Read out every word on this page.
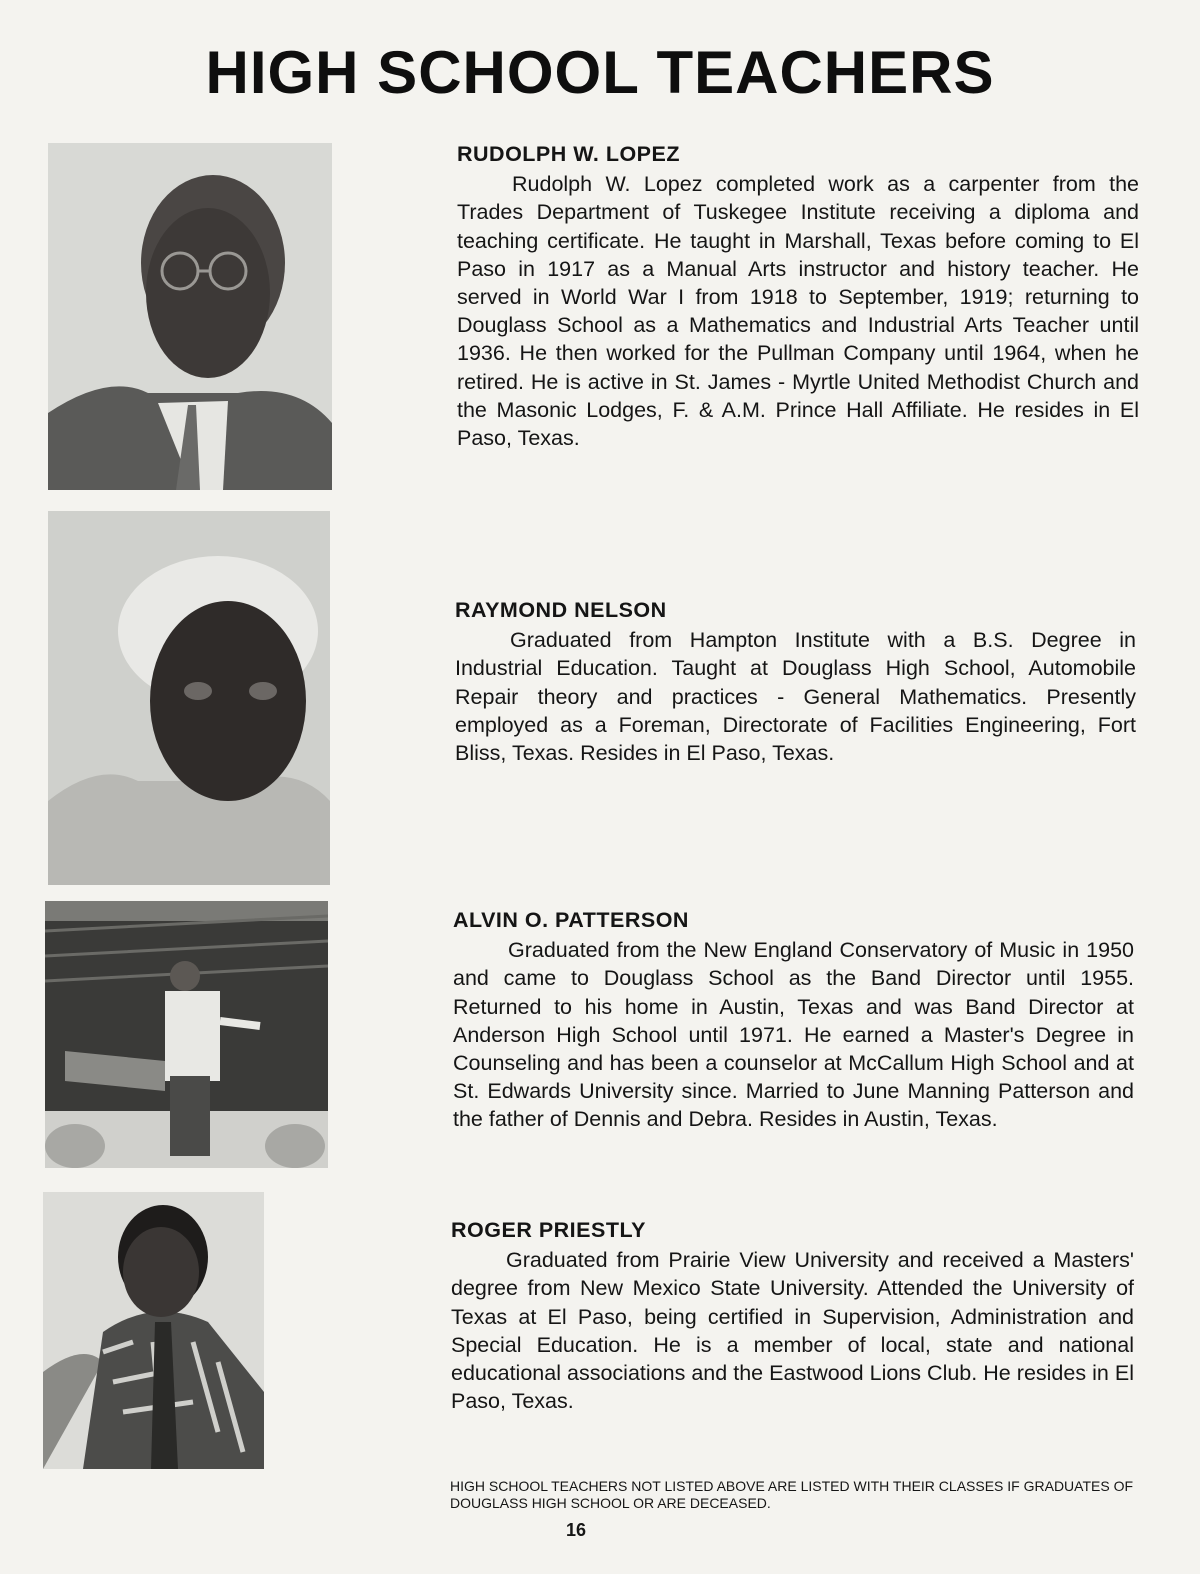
HIGH SCHOOL TEACHERS
RUDOLPH W. LOPEZ
Rudolph W. Lopez completed work as a carpenter from the Trades Department of Tuskegee Institute receiving a diploma and teaching certificate. He taught in Marshall, Texas before coming to El Paso in 1917 as a Manual Arts instructor and history teacher. He served in World War I from 1918 to September, 1919; returning to Douglass School as a Mathematics and Industrial Arts Teacher until 1936. He then worked for the Pullman Company until 1964, when he retired. He is active in St. James - Myrtle United Methodist Church and the Masonic Lodges, F. & A.M. Prince Hall Affiliate. He resides in El Paso, Texas.
RAYMOND NELSON
Graduated from Hampton Institute with a B.S. Degree in Industrial Education. Taught at Douglass High School, Automobile Repair theory and practices - General Mathematics. Presently employed as a Foreman, Directorate of Facilities Engineering, Fort Bliss, Texas. Resides in El Paso, Texas.
ALVIN O. PATTERSON
Graduated from the New England Conservatory of Music in 1950 and came to Douglass School as the Band Director until 1955. Returned to his home in Austin, Texas and was Band Director at Anderson High School until 1971. He earned a Master's Degree in Counseling and has been a counselor at McCallum High School and at St. Edwards University since. Married to June Manning Patterson and the father of Dennis and Debra. Resides in Austin, Texas.
ROGER PRIESTLY
Graduated from Prairie View University and received a Masters' degree from New Mexico State University. Attended the University of Texas at El Paso, being certified in Supervision, Administration and Special Education. He is a member of local, state and national educational associations and the Eastwood Lions Club. He resides in El Paso, Texas.
HIGH SCHOOL TEACHERS NOT LISTED ABOVE ARE LISTED WITH THEIR CLASSES IF GRADUATES OF DOUGLASS HIGH SCHOOL OR ARE DECEASED.
16
